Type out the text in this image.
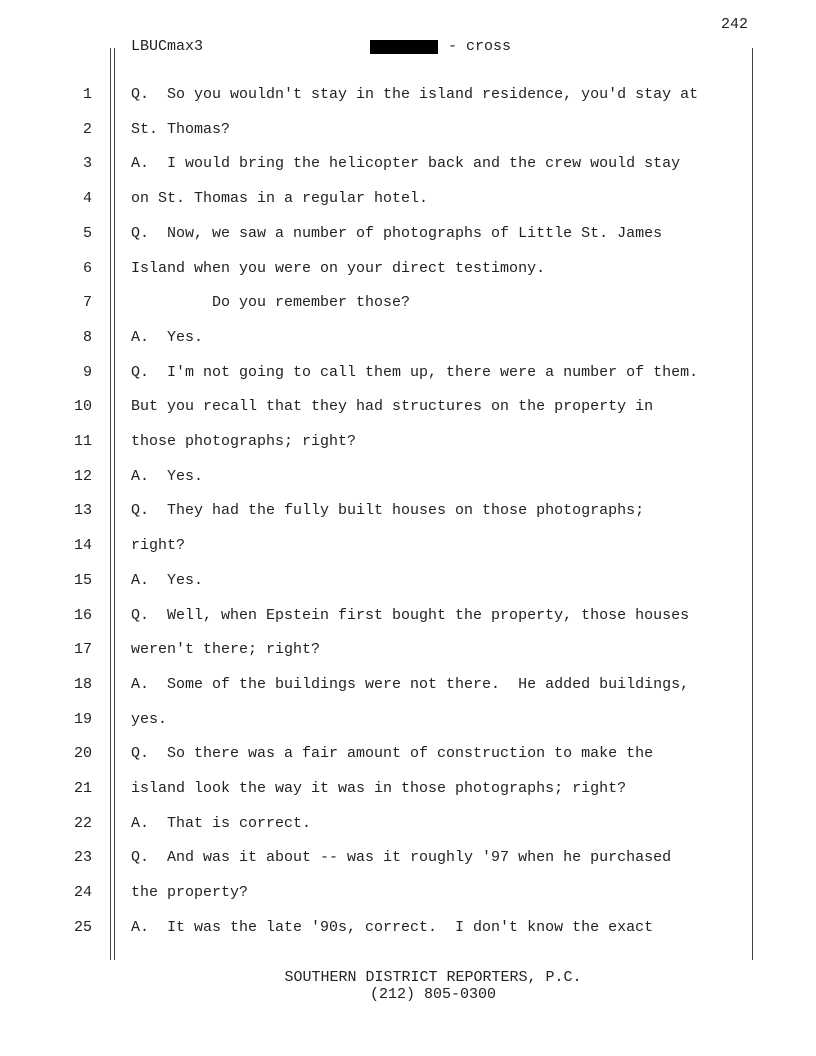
242
LBUCmax3	- cross
1	Q.  So you wouldn't stay in the island residence, you'd stay at
2	St. Thomas?
3	A.  I would bring the helicopter back and the crew would stay
4	on St. Thomas in a regular hotel.
5	Q.  Now, we saw a number of photographs of Little St. James
6	Island when you were on your direct testimony.
7	Do you remember those?
8	A.  Yes.
9	Q.  I'm not going to call them up, there were a number of them.
10	But you recall that they had structures on the property in
11	those photographs; right?
12	A.  Yes.
13	Q.  They had the fully built houses on those photographs;
14	right?
15	A.  Yes.
16	Q.  Well, when Epstein first bought the property, those houses
17	weren't there; right?
18	A.  Some of the buildings were not there.  He added buildings,
19	yes.
20	Q.  So there was a fair amount of construction to make the
21	island look the way it was in those photographs; right?
22	A.  That is correct.
23	Q.  And was it about -- was it roughly '97 when he purchased
24	the property?
25	A.  It was the late '90s, correct.  I don't know the exact
SOUTHERN DISTRICT REPORTERS, P.C.
(212) 805-0300
